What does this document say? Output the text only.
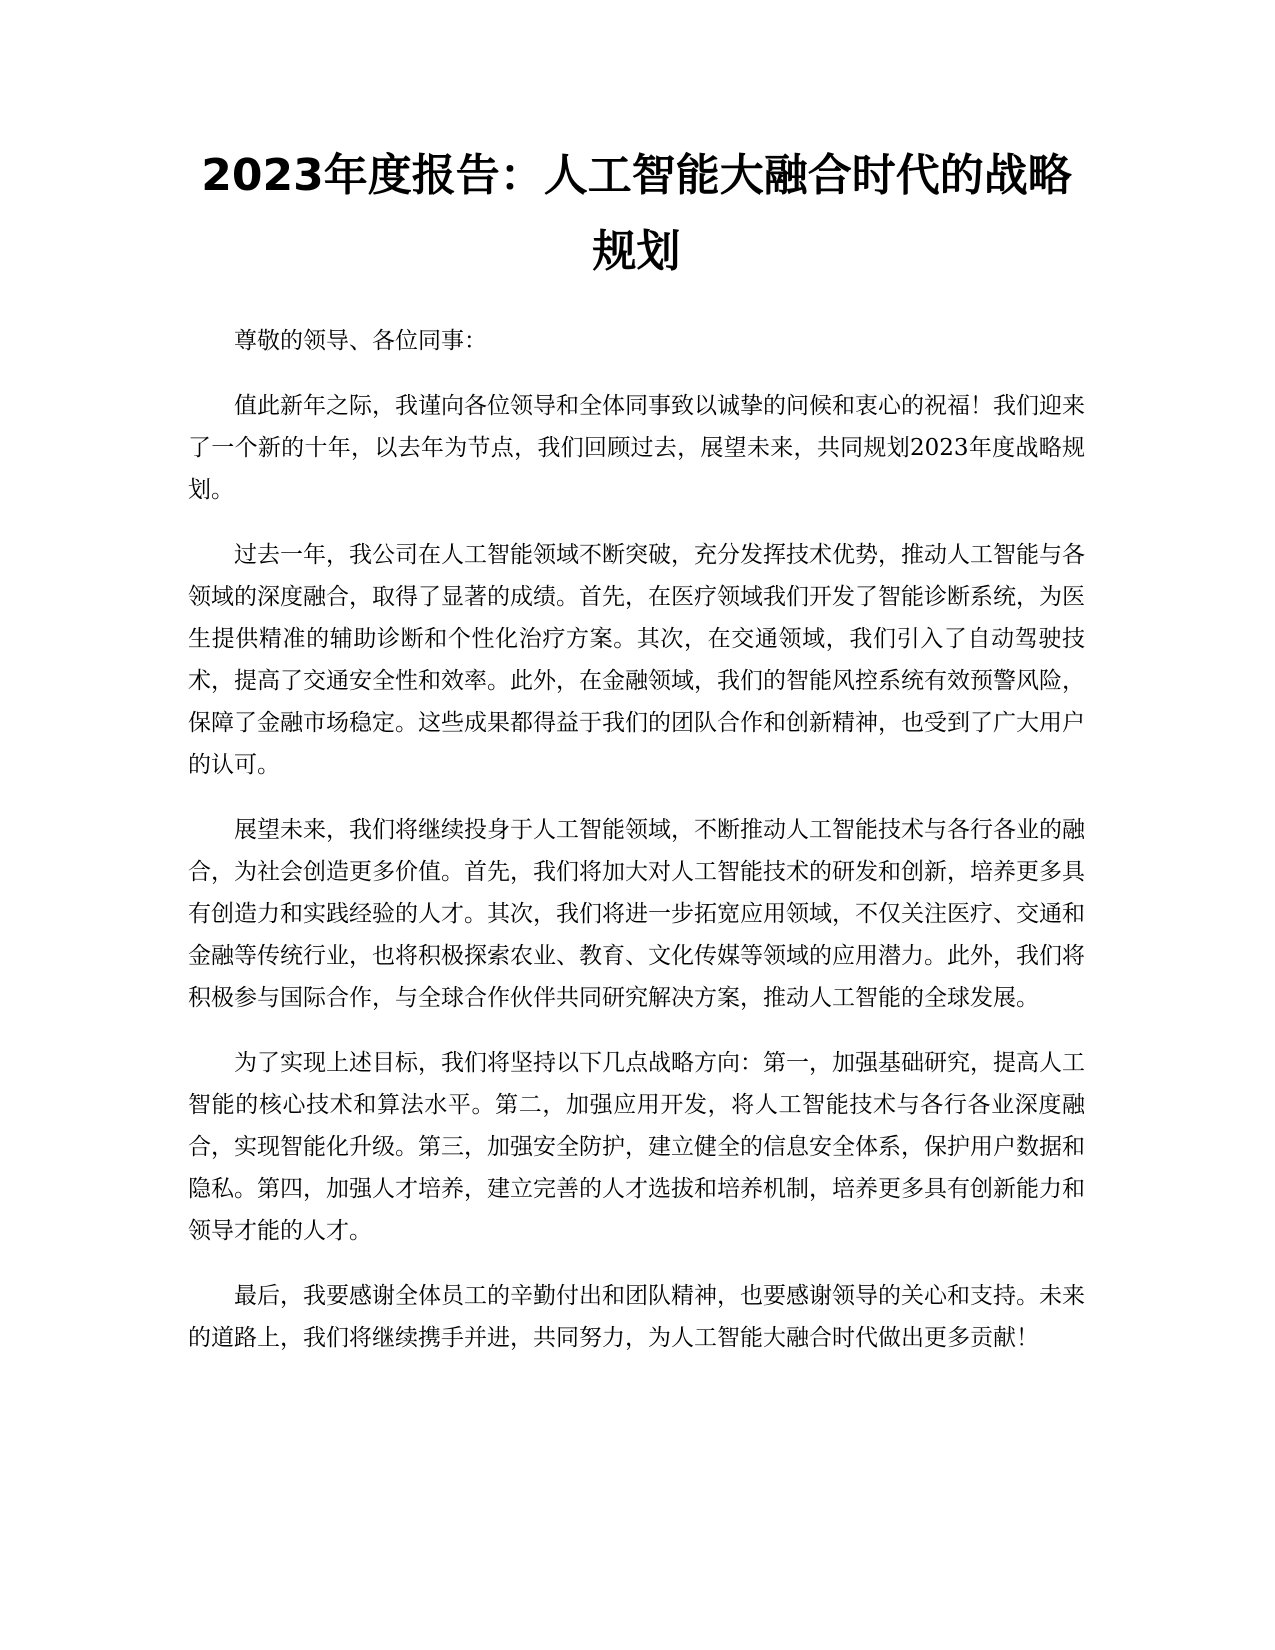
2023年度报告：人工智能大融合时代的战略规划

尊敬的领导、各位同事：

值此新年之际，我谨向各位领导和全体同事致以诚挚的问候和衷心的祝福！我们迎来了一个新的十年，以去年为节点，我们回顾过去，展望未来，共同规划2023年度战略规划。

过去一年，我公司在人工智能领域不断突破，充分发挥技术优势，推动人工智能与各领域的深度融合，取得了显著的成绩。首先，在医疗领域我们开发了智能诊断系统，为医生提供精准的辅助诊断和个性化治疗方案。其次，在交通领域，我们引入了自动驾驶技术，提高了交通安全性和效率。此外，在金融领域，我们的智能风控系统有效预警风险，保障了金融市场稳定。这些成果都得益于我们的团队合作和创新精神，也受到了广大用户的认可。

展望未来，我们将继续投身于人工智能领域，不断推动人工智能技术与各行各业的融合，为社会创造更多价值。首先，我们将加大对人工智能技术的研发和创新，培养更多具有创造力和实践经验的人才。其次，我们将进一步拓宽应用领域，不仅关注医疗、交通和金融等传统行业，也将积极探索农业、教育、文化传媒等领域的应用潜力。此外，我们将积极参与国际合作，与全球合作伙伴共同研究解决方案，推动人工智能的全球发展。

为了实现上述目标，我们将坚持以下几点战略方向：第一，加强基础研究，提高人工智能的核心技术和算法水平。第二，加强应用开发，将人工智能技术与各行各业深度融合，实现智能化升级。第三，加强安全防护，建立健全的信息安全体系，保护用户数据和隐私。第四，加强人才培养，建立完善的人才选拔和培养机制，培养更多具有创新能力和领导才能的人才。

最后，我要感谢全体员工的辛勤付出和团队精神，也要感谢领导的关心和支持。未来的道路上，我们将继续携手并进，共同努力，为人工智能大融合时代做出更多贡献！
